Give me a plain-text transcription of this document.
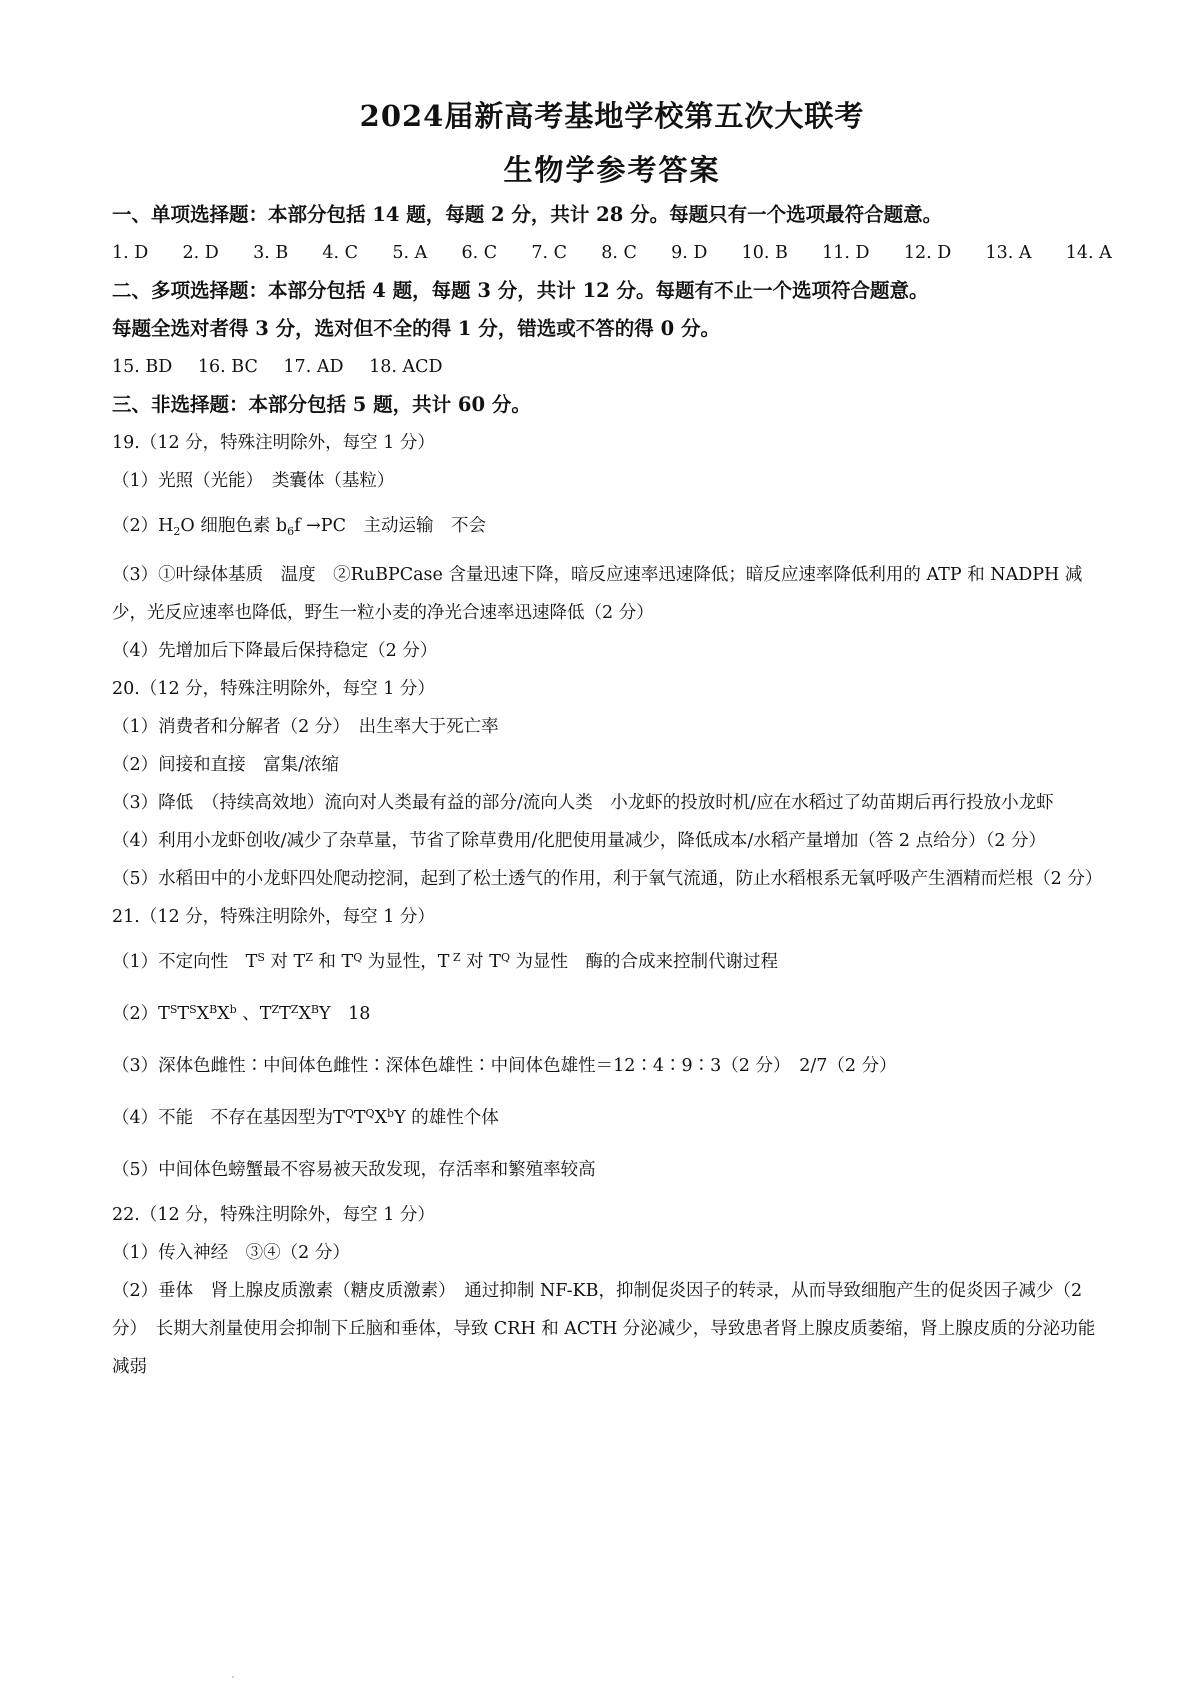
2024届新高考基地学校第五次大联考
生物学参考答案

一、单项选择题：本部分包括 14 题，每题 2 分，共计 28 分。每题只有一个选项最符合题意。

1. D 2. D 3. B 4. C 5. A 6. C 7. C 8. C 9. D 10. B 11. D 12. D 13. A 14. A

二、多项选择题：本部分包括 4 题，每题 3 分，共计 12 分。每题有不止一个选项符合题意。

每题全选对者得 3 分，选对但不全的得 1 分，错选或不答的得 0 分。

15. BD 16. BC 17. AD 18. ACD

三、非选择题：本部分包括 5 题，共计 60 分。

19.（12 分，特殊注明除外，每空 1 分）

（1）光照（光能）　类囊体（基粒）

$(2)H_2O$ 细胞色素 $b_6f \to PC$　主动运输　不会

（3）①叶绿体基质　温度　②RuBPCase 含量迅速下降，暗反应速率迅速降低；暗反应速率降低利用的 ATP 和 NADPH 减少，光反应速率也降低，野生一粒小麦的净光合速率迅速降低（2 分）

（4）先增加后下降最后保持稳定（2 分）

20.（12 分，特殊注明除外，每空 1 分）

（1）消费者和分解者（2 分）　出生率大于死亡率

（2）间接和直接　富集/浓缩

（3）降低　（持续高效地）流向对人类最有益的部分/流向人类　小龙虾的投放时机/应在水稻过了幼苗期后再行投放小龙虾

（4）利用小龙虾创收/减少了杂草量，节省了除草费用/化肥使用量减少，降低成本/水稻产量增加（答 2 点给分）（2 分）

（5）水稻田中的小龙虾四处爬动挖洞，起到了松土透气的作用，利于氧气流通，防止水稻根系无氧呼吸产生酒精而烂根（2 分）

21.（12 分，特殊注明除外，每空 1 分）

（1）不定向性　$T^S$ 对 $T^Z$ 和 $T^Q$ 为显性，T $^Z$ 对 $T^Q$ 为显性　酶的合成来控制代谢过程

$(2)T^ST^SX^BX^b$ 、$T^ZT^ZX^BY$　18

（3）深体色雌性∶中间体色雌性∶深体色雄性∶中间体色雄性＝12∶4∶9∶3（2 分）　2/7（2 分）

（4）不能　不存在基因型为$T^QT^QX^bY$ 的雄性个体

（5）中间体色螃蟹最不容易被天敌发现，存活率和繁殖率较高

22.（12 分，特殊注明除外，每空 1 分）

（1）传入神经　③④（2 分）

（2）垂体　肾上腺皮质激素（糖皮质激素）　通过抑制 NF-KB，抑制促炎因子的转录，从而导致细胞产生的促炎因子减少（2 分）　长期大剂量使用会抑制下丘脑和垂体，导致 CRH 和 ACTH 分泌减少，导致患者肾上腺皮质萎缩，肾上腺皮质的分泌功能减弱
